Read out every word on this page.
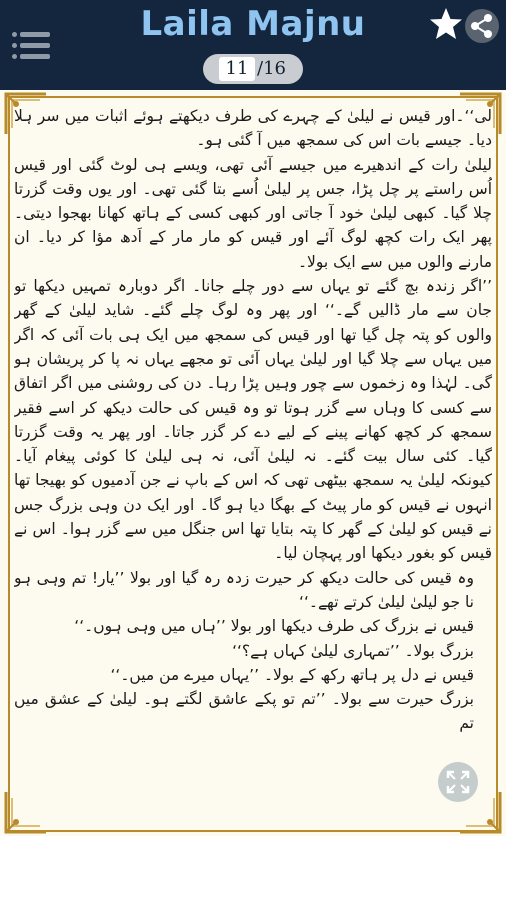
Laila Majnu
11 /16

لی‘‘۔اور قیس نے لیلیٰ کے چہرے کی طرف دیکھتے ہوئے اثبات میں سر ہلا دیا۔ جیسے بات اس کی سمجھ میں آ گئی ہو۔

لیلیٰ رات کے اندھیرے میں جیسے آئی تھی، ویسے ہی لوٹ گئی اور قیس اُس راستے پر چل پڑا، جس پر لیلیٰ اُسے بتا گئی تھی۔ اور یوں وقت گزرتا چلا گیا۔ کبھی لیلیٰ خود آ جاتی اور کبھی کسی کے ہاتھ کھانا بھجوا دیتی۔ پھر ایک رات کچھ لوگ آئے اور قیس کو مار مار کے اَدھ مؤا کر دیا۔ ان مارنے والوں میں سے ایک بولا۔

’’اگر زندہ بچ گئے تو یہاں سے دور چلے جانا۔ اگر دوبارہ تمہیں دیکھا تو جان سے مار ڈالیں گے۔‘‘ اور پھر وہ لوگ چلے گئے۔ شاید لیلیٰ کے گھر والوں کو پتہ چل گیا تھا اور قیس کی سمجھ میں ایک ہی بات آئی کہ اگر میں یہاں سے چلا گیا اور لیلیٰ یہاں آئی تو مجھے یہاں نہ پا کر پریشان ہو گی۔ لہٰذا وہ زخموں سے چور وہیں پڑا رہا۔ دن کی روشنی میں اگر اتفاق سے کسی کا وہاں سے گزر ہوتا تو وہ قیس کی حالت دیکھ کر اسے فقیر سمجھ کر کچھ کھانے پینے کے لیے دے کر گزر جاتا۔ اور پھر یہ وقت گزرتا گیا۔ کئی سال بیت گئے۔ نہ لیلیٰ آئی، نہ ہی لیلیٰ کا کوئی پیغام آیا۔ کیونکہ لیلیٰ یہ سمجھ بیٹھی تھی کہ اس کے باپ نے جن آدمیوں کو بھیجا تھا انہوں نے قیس کو مار پیٹ کے بھگا دیا ہو گا۔ اور ایک دن وہی بزرگ جس نے قیس کو لیلیٰ کے گھر کا پتہ بتایا تھا اس جنگل میں سے گزر ہوا۔ اس نے قیس کو بغور دیکھا اور پہچان لیا۔

وہ قیس کی حالت دیکھ کر حیرت زدہ رہ گیا اور بولا ’’یار! تم وہی ہو نا جو لیلیٰ لیلیٰ کرتے تھے۔‘‘

قیس نے بزرگ کی طرف دیکھا اور بولا ’’ہاں میں وہی ہوں۔‘‘

بزرگ بولا۔ ’’تمہاری لیلیٰ کہاں ہے؟‘‘

قیس نے دل پر ہاتھ رکھ کے بولا۔ ’’یہاں میرے من میں۔‘‘

بزرگ حیرت سے بولا۔ ’’تم تو پکے عاشق لگتے ہو۔ لیلیٰ کے عشق میں تم
